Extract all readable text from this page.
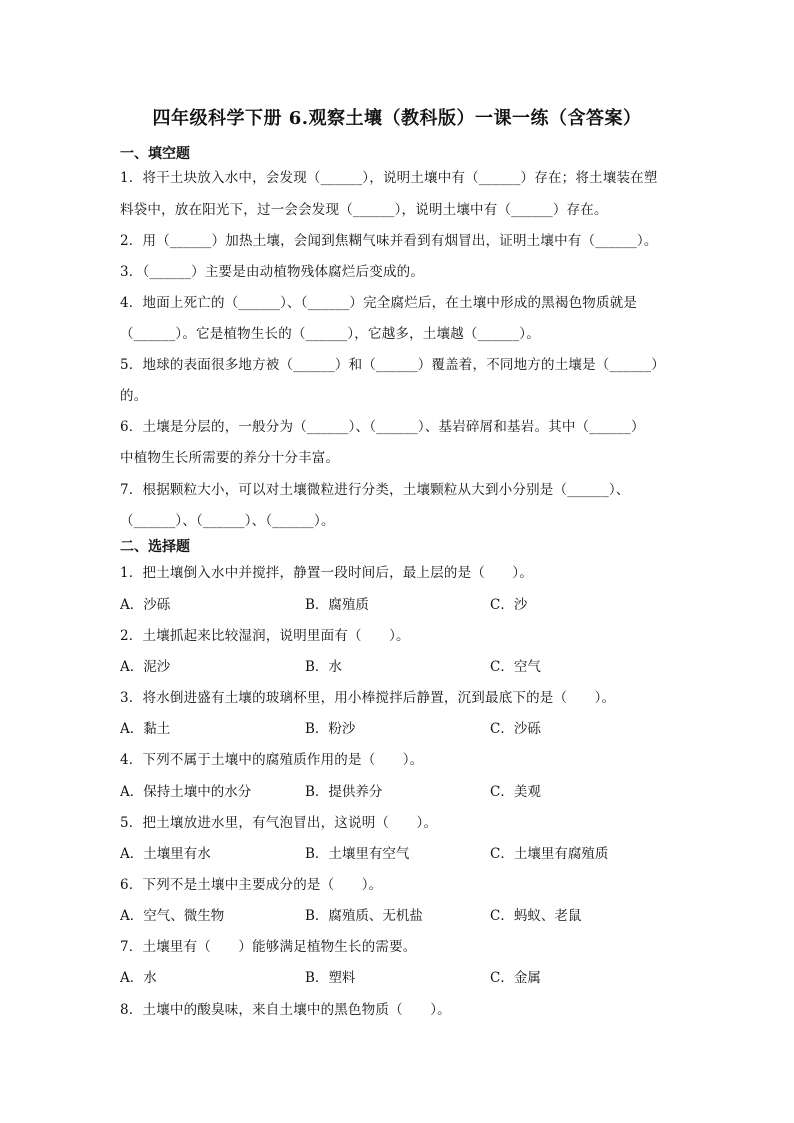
四年级科学下册 6.观察土壤（教科版）一课一练（含答案）
一、填空题
1．将干土块放入水中，会发现（______），说明土壤中有（______）存在；将土壤装在塑
料袋中，放在阳光下，过一会会发现（______），说明土壤中有（______）存在。
2．用（______）加热土壤，会闻到焦糊气味并看到有烟冒出，证明土壤中有（______）。
3．（______）主要是由动植物残体腐烂后变成的。
4．地面上死亡的（______）、（______）完全腐烂后，在土壤中形成的黑褐色物质就是
（______）。它是植物生长的（______），它越多，土壤越（______）。
5．地球的表面很多地方被（______）和（______）覆盖着，不同地方的土壤是（______）
的。
6．土壤是分层的，一般分为（______）、（______）、基岩碎屑和基岩。其中（______）
中植物生长所需要的养分十分丰富。
7．根据颗粒大小，可以对土壤微粒进行分类，土壤颗粒从大到小分别是（______）、
（______）、（______）、（______）。
二、选择题
1．把土壤倒入水中并搅拌，静置一段时间后，最上层的是（　　）。
A．沙砾	B．腐殖质	C．沙
2．土壤抓起来比较湿润，说明里面有（　　）。
A．泥沙	B．水	C．空气
3．将水倒进盛有土壤的玻璃杯里，用小棒搅拌后静置，沉到最底下的是（　　）。
A．黏土	B．粉沙	C．沙砾
4．下列不属于土壤中的腐殖质作用的是（　　）。
A．保持土壤中的水分	B．提供养分	C．美观
5．把土壤放进水里，有气泡冒出，这说明（　　）。
A．土壤里有水	B．土壤里有空气	C．土壤里有腐殖质
6．下列不是土壤中主要成分的是（　　）。
A．空气、微生物	B．腐殖质、无机盐	C．蚂蚁、老鼠
7．土壤里有（　　）能够满足植物生长的需要。
A．水	B．塑料	C．金属
8．土壤中的酸臭味，来自土壤中的黑色物质（　　）。
